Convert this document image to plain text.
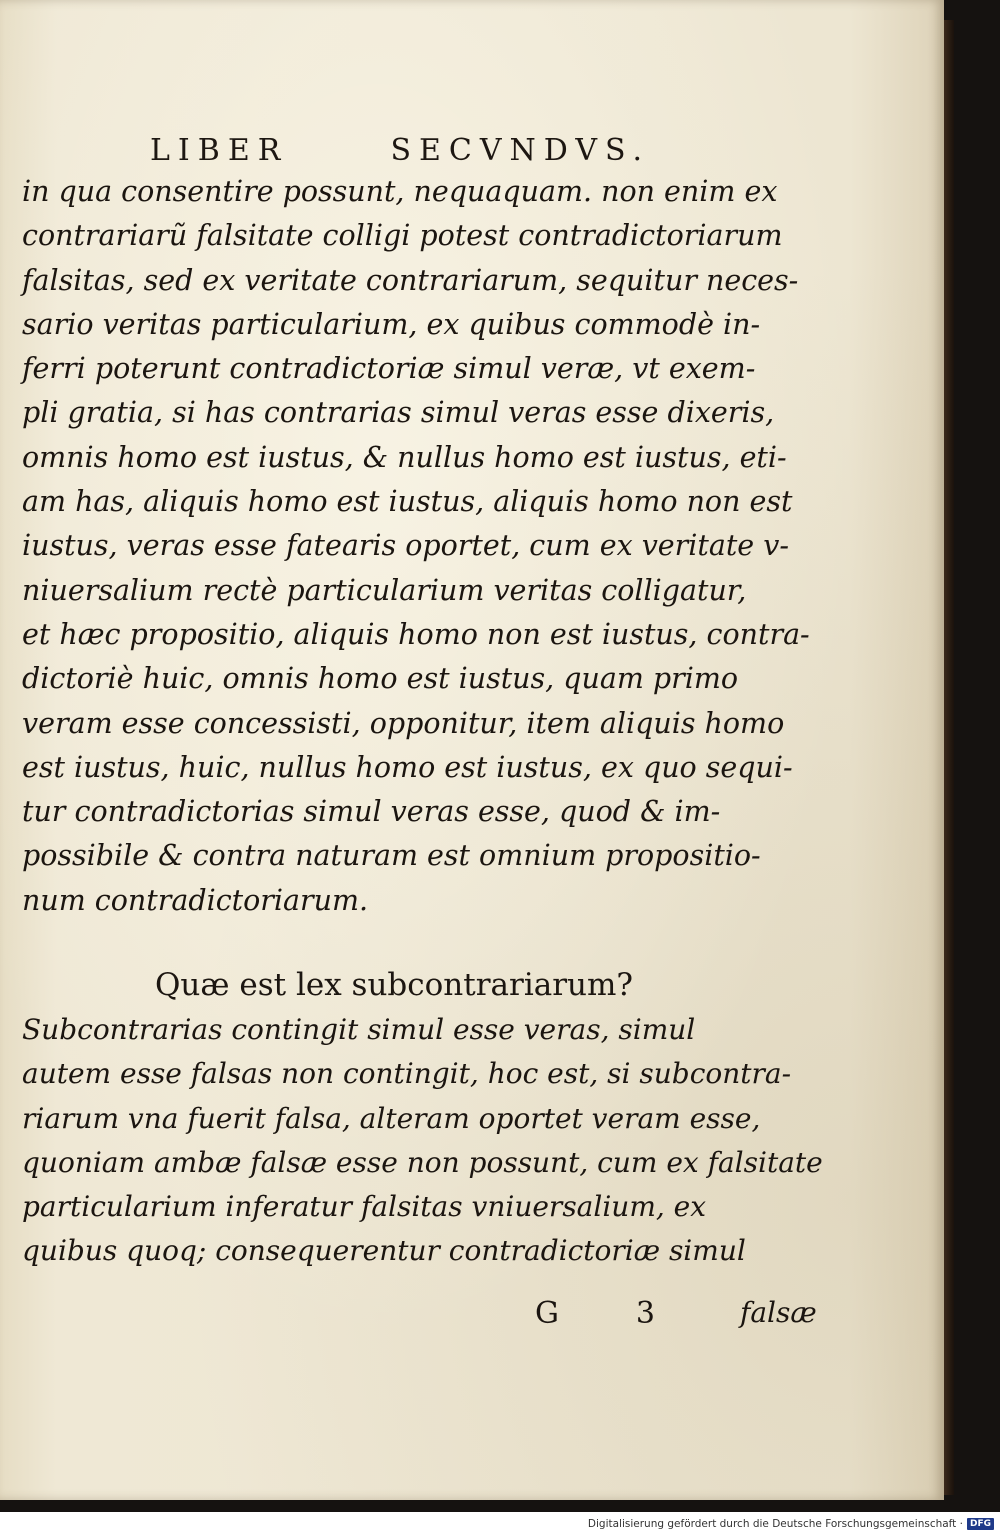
LIBER	SECVNDVS.
in qua consentire possunt, nequaquam. non enim ex
contrariarũ falsitate colligi potest contradictoriarum
falsitas, sed ex veritate contrariarum, sequitur neces-
sario veritas particularium, ex quibus commodè in-
ferri poterunt contradictoriæ simul veræ, vt exem-
pli gratia, si has contrarias simul veras esse dixeris,
omnis homo est iustus, & nullus homo est iustus, eti-
am has, aliquis homo est iustus, aliquis homo non est
iustus, veras esse fatearis oportet, cum ex veritate v-
niuersalium rectè particularium veritas colligatur,
et hæc propositio, aliquis homo non est iustus, contra-
dictoriè huic, omnis homo est iustus, quam primo
veram esse concessisti, opponitur, item aliquis homo
est iustus, huic, nullus homo est iustus, ex quo sequi-
tur contradictorias simul veras esse, quod & im-
possibile & contra naturam est omnium propositio-
num contradictoriarum.
Quæ est lex subcontrariarum?
Subcontrarias contingit simul esse veras, simul
autem esse falsas non contingit, hoc est, si subcontra-
riarum vna fuerit falsa, alteram oportet veram esse,
quoniam ambæ falsæ esse non possunt, cum ex falsitate
particularium inferatur falsitas vniuersalium, ex
quibus quoq; consequerentur contradictoriæ simul
G	3	falsæ
Digitalisierung gefördert durch die Deutsche Forschungsgemeinschaft · DFG
